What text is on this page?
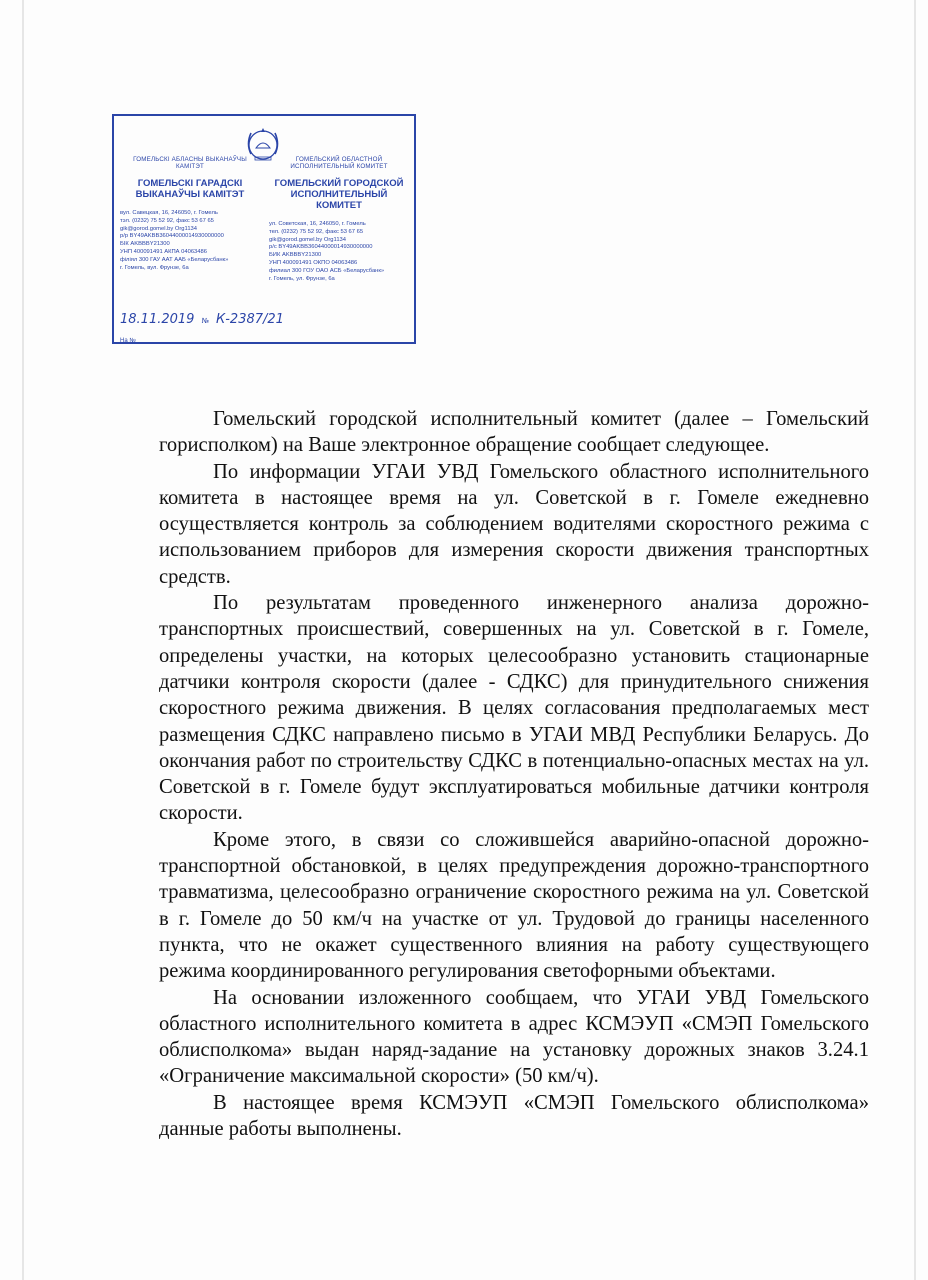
ГОМЕЛЬСКІ АБЛАСНЫ ВЫКАНАЎЧЫ КАМІТЭТ
ГОМЕЛЬСКІ ГАРАДСКІ ВЫКАНАЎЧЫ КАМІТЭТ
вул. Савецкая, 16, 246050, г. Гомель
тэл. (0232) 75 52 92, факс 53 67 65
gik@gorod.gomel.by Org1134
р/р BY49AKBB36044000014930000000
БІК AKBBBY21300
УНП 400091491 АКПА 04063486
філіял 300 ГАУ ААТ ААБ «Беларусбанк»
г. Гомель, вул. Фрунзе, 6а
ГОМЕЛЬСКИЙ ОБЛАСТНОЙ ИСПОЛНИТЕЛЬНЫЙ КОМИТЕТ
ГОМЕЛЬСКИЙ ГОРОДСКОЙ ИСПОЛНИТЕЛЬНЫЙ КОМИТЕТ
ул. Советская, 16, 246050, г. Гомель
тел. (0232) 75 52 92, факс 53 67 65
gik@gorod.gomel.by Org1134
р/с BY49AKBB36044000014930000000
БИК AKBBBY21300
УНП 400091491 ОКПО 04063486
филиал 300 ГОУ ОАО АСБ «Беларусбанк»
г. Гомель, ул. Фрунзе, 6а
18.11.2019 № К-2387/21
На № ________________ ______

Гомельский городской исполнительный комитет (далее – Гомельский горисполком) на Ваше электронное обращение сообщает следующее.

По информации УГАИ УВД Гомельского областного исполнительного комитета в настоящее время на ул. Советской в г. Гомеле ежедневно осуществляется контроль за соблюдением водителями скоростного режима с использованием приборов для измерения скорости движения транспортных средств.

По результатам проведенного инженерного анализа дорожно-транспортных происшествий, совершенных на ул. Советской в г. Гомеле, определены участки, на которых целесообразно установить стационарные датчики контроля скорости (далее - СДКС) для принудительного снижения скоростного режима движения. В целях согласования предполагаемых мест размещения СДКС направлено письмо в УГАИ МВД Республики Беларусь. До окончания работ по строительству СДКС в потенциально-опасных местах на ул. Советской в г. Гомеле будут эксплуатироваться мобильные датчики контроля скорости.

Кроме этого, в связи со сложившейся аварийно-опасной дорожно-транспортной обстановкой, в целях предупреждения дорожно-транспортного травматизма, целесообразно ограничение скоростного режима на ул. Советской в г. Гомеле до 50 км/ч на участке от ул. Трудовой до границы населенного пункта, что не окажет существенного влияния на работу существующего режима координированного регулирования светофорными объектами.

На основании изложенного сообщаем, что УГАИ УВД Гомельского областного исполнительного комитета в адрес КСМЭУП «СМЭП Гомельского облисполкома» выдан наряд-задание на установку дорожных знаков 3.24.1 «Ограничение максимальной скорости» (50 км/ч).

В настоящее время КСМЭУП «СМЭП Гомельского облисполкома» данные работы выполнены.
